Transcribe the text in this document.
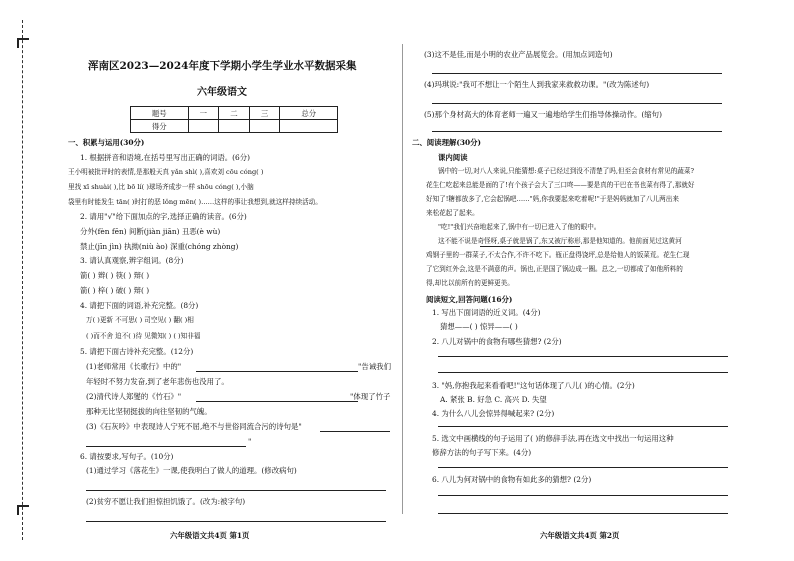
浑南区2023—2024年度下学期小学生学业水平数据采集
六年级语文
题号	一	二	三	总分
得分				
一、积累与运用(30分)
1. 根据拼音和语境,在括号里写出正确的词语。(6分)
王小明被批评时的表情,是那般天真 yǎn shì( ),喜欢刘 cōu cóng( )
里找 xī shuài( ),比 bō lí( )球场齐成步一样 shōu cóng( ),小脑
袋里有时能发生 tān( )时打的恶 lǒng mēn( )……这样的事让我想到,就这样持续活动。
2. 请用"√"给下面加点的字,选择正确的读音。(6分)
分外(fèn fēn) 间断(jiàn jiān) 丑恶(è wù)
禁止(jīn jìn) 执拗(niù ào) 深重(chóng zhòng)
3. 请认真观察,辨字组词。(8分)
箭( ) 辫( ) 筷( ) 辩( )
箭( ) 梓( ) 破( ) 辩( )
4. 请把下面的词语,补充完整。(8分)
万( )更新 不可思( ) 司空见( ) 翻( )相
( )而不舍 迫不( )待 见微知( ) ( )知非福
5. 请把下面古诗补充完整。(12分)
(1)老师常用《长歌行》中的"	"告诫我们
年轻时不努力发奋,到了老年悲伤也没用了。
(2)清代诗人郑燮的《竹石》"	"体现了竹子
那种无比坚韧挺拔的向往坚韧的气魄。
(3)《石灰吟》中表现诗人宁死不屈,绝不与世俗同流合污的诗句是"
"
6. 请按要求,写句子。(10分)
(1)通过学习《落花生》一课,使我明白了做人的道理。(修改病句)
(2)贫穷不愿让我们担惊担饥饿了。(改为:被字句)
六年级语文共4页 第1页
(3)这不是佳,而是小明的农业产品展览会。(用加点词造句)
(4)玛琪说:"我可不想让一个陌生人到我家来救救功课。"(改为陈述句)
(5)那个身材高大的体育老师一遍又一遍地给学生们指导体操动作。(缩句)
二、阅读理解(30分)
课内阅读
锅中的一切,对八人来说,只能猜想:桌子已经过到没不清楚了吗,但至会食材有常见的蔬菜?
花生仁吃起来总能是面的了!有个孩子会大了三口咚——要是真的干巴在书也菜有得了,那就好
好知了!糖都放多了,它会起锅吧……"妈,你我要起来吃着呢!"于是妈妈就加了八儿两出来
来松花起了起来。
"吃!"我们兴奋地起来了,锅中有一切已进入了他的眼中。
这不能不说是奇怪呀,桌子就是锅了,东又被厅称形,那是他知道的。他前面见过这黄河
鸡钢子里的一群菜子,不太合作,不许不吃下。瓶正盘得饶坪,总是给他人的饭菜荒。花生仁现
了它到红外会,这是不满意的声。锅也,正是国了锅边成一圈。总之,一切都成了如他所料的
得,却比以前所有的更鲜更美。
阅读短文,回答问题(16分)
1. 写出下面词语的近义词。(4分)
猜想——( ) 惊异——( )
2. 八儿对锅中的食物有哪些猜想? (2分)
3. "妈,你抱我起来看看吧!"这句话体现了八儿( )的心情。(2分)
A. 紧张 B. 好急 C. 高兴 D. 失望
4. 为什么八儿会惊异得喊起来? (2分)
5. 选文中画横线的句子运用了( )的修辞手法,再在选文中找出一句运用这种
修辞方法的句子写下来。(4分)
6. 八儿为何对锅中的食物有如此多的猜想? (2分)
六年级语文共4页 第2页
